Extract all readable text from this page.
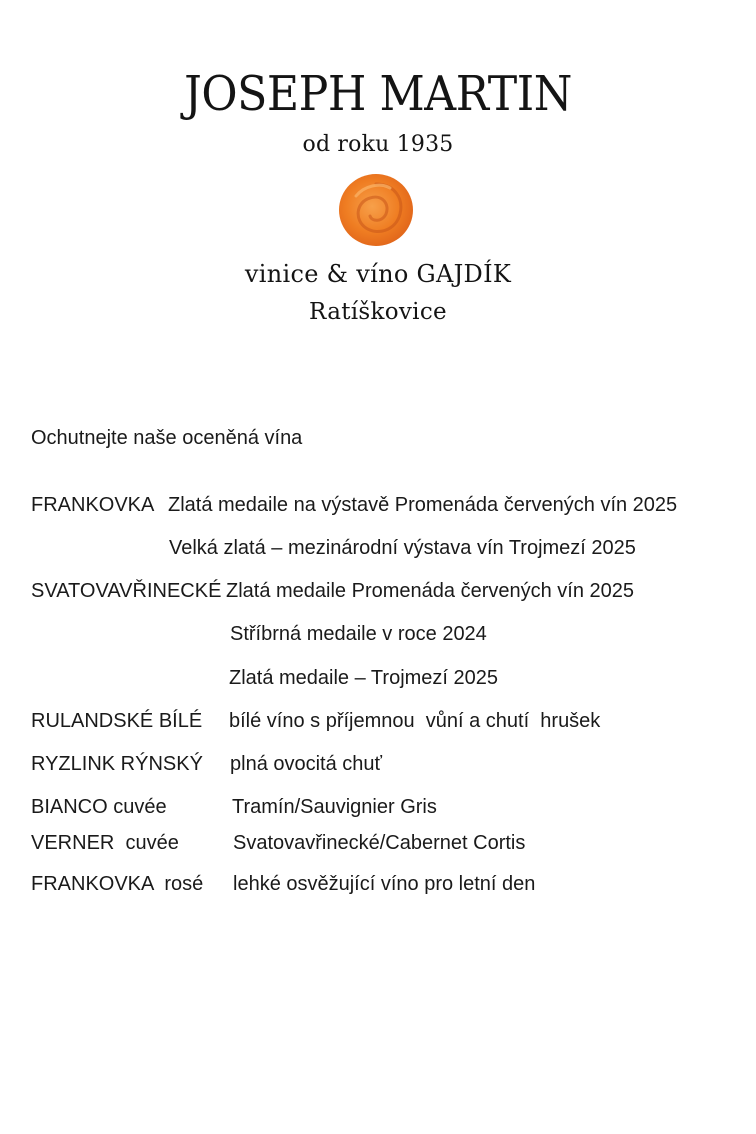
JOSEPH MARTIN
od roku 1935
vinice & víno GAJDÍK
Ratíškovice
Ochutnejte naše oceněná vína
FRANKOVKA Zlatá medaile na výstavě Promenáda červených vín 2025
Velká zlatá – mezinárodní výstava vín Trojmezí 2025
SVATOVAVŘINECKÉ Zlatá medaile Promenáda červených vín 2025
Stříbrná medaile v roce 2024
Zlatá medaile – Trojmezí 2025
RULANDSKÉ BÍLÉ bílé víno s příjemnou  vůní a chutí  hrušek
RYZLINK RÝNSKÝ plná ovocitá chuť
BIANCO cuvée	Tramín/Sauvignier Gris
VERNER  cuvée	Svatovavřinecké/Cabernet Cortis
FRANKOVKA  rosé lehké osvěžující víno pro letní den
